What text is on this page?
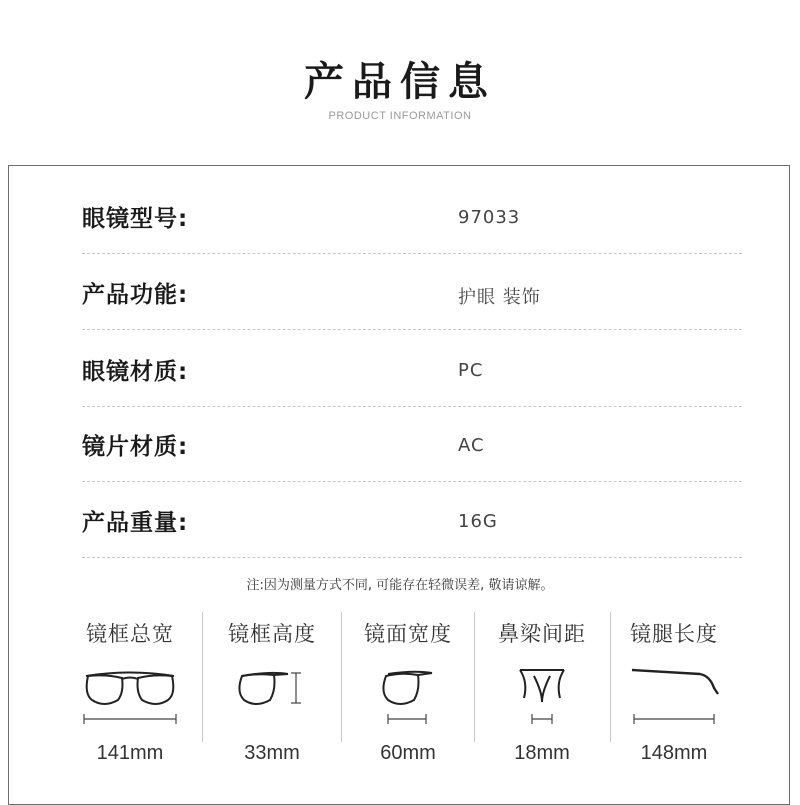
产品信息
PRODUCT INFORMATION
眼镜型号:	97033
产品功能:	护眼 装饰
眼镜材质:	PC
镜片材质:	AC
产品重量:	16G
注:因为测量方式不同, 可能存在轻微误差, 敬请谅解。
镜框总宽
141mm
镜框高度
33mm
镜面宽度
60mm
鼻梁间距
18mm
镜腿长度
148mm
